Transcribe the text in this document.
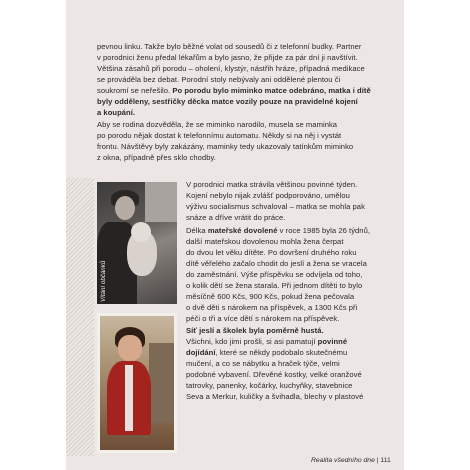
pevnou linku. Takže bylo běžné volat od sousedů či z telefonní budky. Partner
v porodnici ženu předal lékařům a bylo jasno, že přijde za pár dní ji navštívit.
Většina zásahů při porodu – oholení, klystýr, nástřih hráze, případná medikace
se prováděla bez debat. Porodní stoly nebývaly ani oddělené plentou či
soukromí se neřešilo. Po porodu bylo miminko matce odebráno, matka i dítě
byly odděleny, sestřičky děcka matce vozily pouze na pravidelné kojení
a koupání.
Aby se rodina dozvěděla, že se miminko narodilo, musela se maminka
po porodu nějak dostat k telefonnímu automatu. Někdy si na něj i vystát
frontu. Návštěvy byly zakázány, maminky tedy ukazovaly tatínkům miminko
z okna, případně přes sklo chodby.
Vítání občánků
V porodnici matka strávila většinou povinné týden.
Kojení nebylo nijak zvlášť podporováno, umělou
výživu socialismus schvaloval – matka se mohla pak
snáze a dříve vrátit do práce.
Délka mateřské dovolené v roce 1985 byla 26 týdnů,
další mateřskou dovolenou mohla žena čerpat
do dvou let věku dítěte. Po dovršení druhého roku
dítě věřelého začalo chodit do jeslí a žena se vracela
do zaměstnání. Výše příspěvku se odvíjela od toho,
o kolik dětí se žena starala. Při jednom dítěti to bylo
měsíčně 600 Kčs, 900 Kčs, pokud žena pečovala
o dvě děti s nárokem na příspěvek, a 1300 Kčs při
péči o tři a více dětí s nárokem na příspěvek.
Síť jeslí a školek byla poměrně hustá.
Všichni, kdo jimi prošli, si asi pamatují povinné
dojídání, které se někdy podobalo skutečnému
mučení, a co se nábytku a hraček týče, velmi
podobné vybavení. Dřevěné kostky, velké oranžové
tatrovky, panenky, kočárky, kuchyňky, stavebnice
Seva a Merkur, kuličky a švihadla, blechy v plastové
Realita všedního dne | 111
